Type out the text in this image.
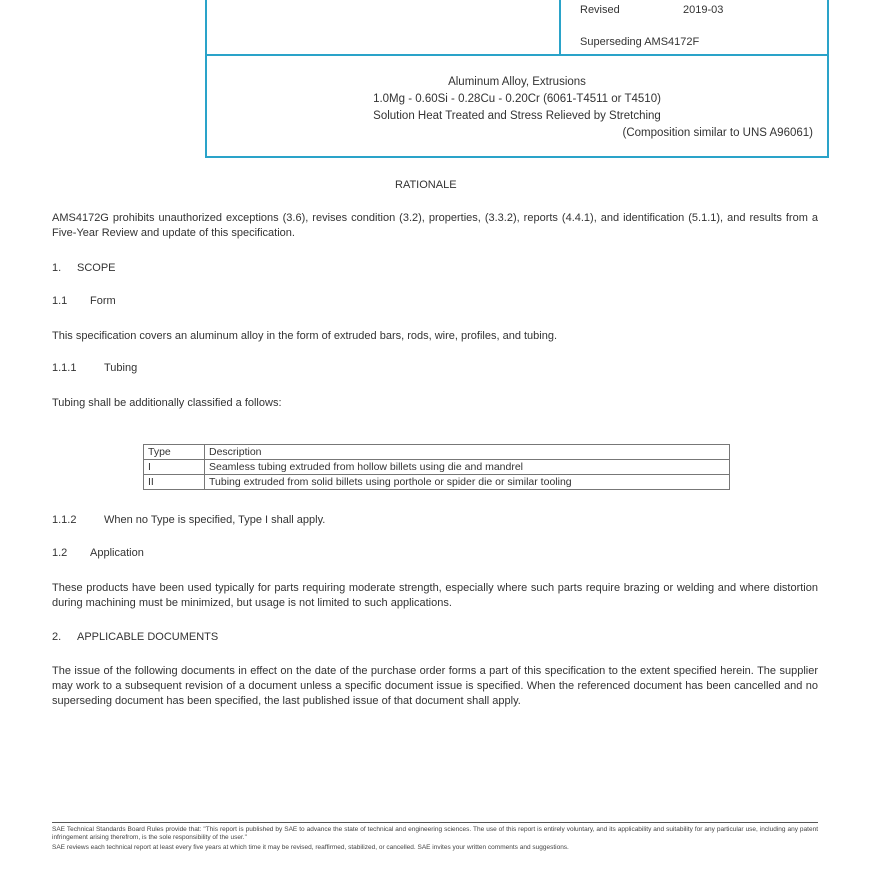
Revised	2019-03
Superseding AMS4172F
Aluminum Alloy, Extrusions
1.0Mg - 0.60Si - 0.28Cu - 0.20Cr (6061-T4511 or T4510)
Solution Heat Treated and Stress Relieved by Stretching
(Composition similar to UNS A96061)
RATIONALE
AMS4172G prohibits unauthorized exceptions (3.6), revises condition (3.2), properties, (3.3.2), reports (4.4.1), and identification (5.1.1), and results from a Five-Year Review and update of this specification.
1. SCOPE
1.1 Form
This specification covers an aluminum alloy in the form of extruded bars, rods, wire, profiles, and tubing.
1.1.1	Tubing
Tubing shall be additionally classified a follows:
Type	Description
I	Seamless tubing extruded from hollow billets using die and mandrel
II	Tubing extruded from solid billets using porthole or spider die or similar tooling
1.1.2	When no Type is specified, Type I shall apply.
1.2 Application
These products have been used typically for parts requiring moderate strength, especially where such parts require brazing or welding and where distortion during machining must be minimized, but usage is not limited to such applications.
2. APPLICABLE DOCUMENTS
The issue of the following documents in effect on the date of the purchase order forms a part of this specification to the extent specified herein. The supplier may work to a subsequent revision of a document unless a specific document issue is specified. When the referenced document has been cancelled and no superseding document has been specified, the last published issue of that document shall apply.
SAE Technical Standards Board Rules provide that: "This report is published by SAE to advance the state of technical and engineering sciences. The use of this report is entirely voluntary, and its applicability and suitability for any particular use, including any patent infringement arising therefrom, is the sole responsibility of the user."
SAE reviews each technical report at least every five years at which time it may be revised, reaffirmed, stabilized, or cancelled. SAE invites your written comments and suggestions.
